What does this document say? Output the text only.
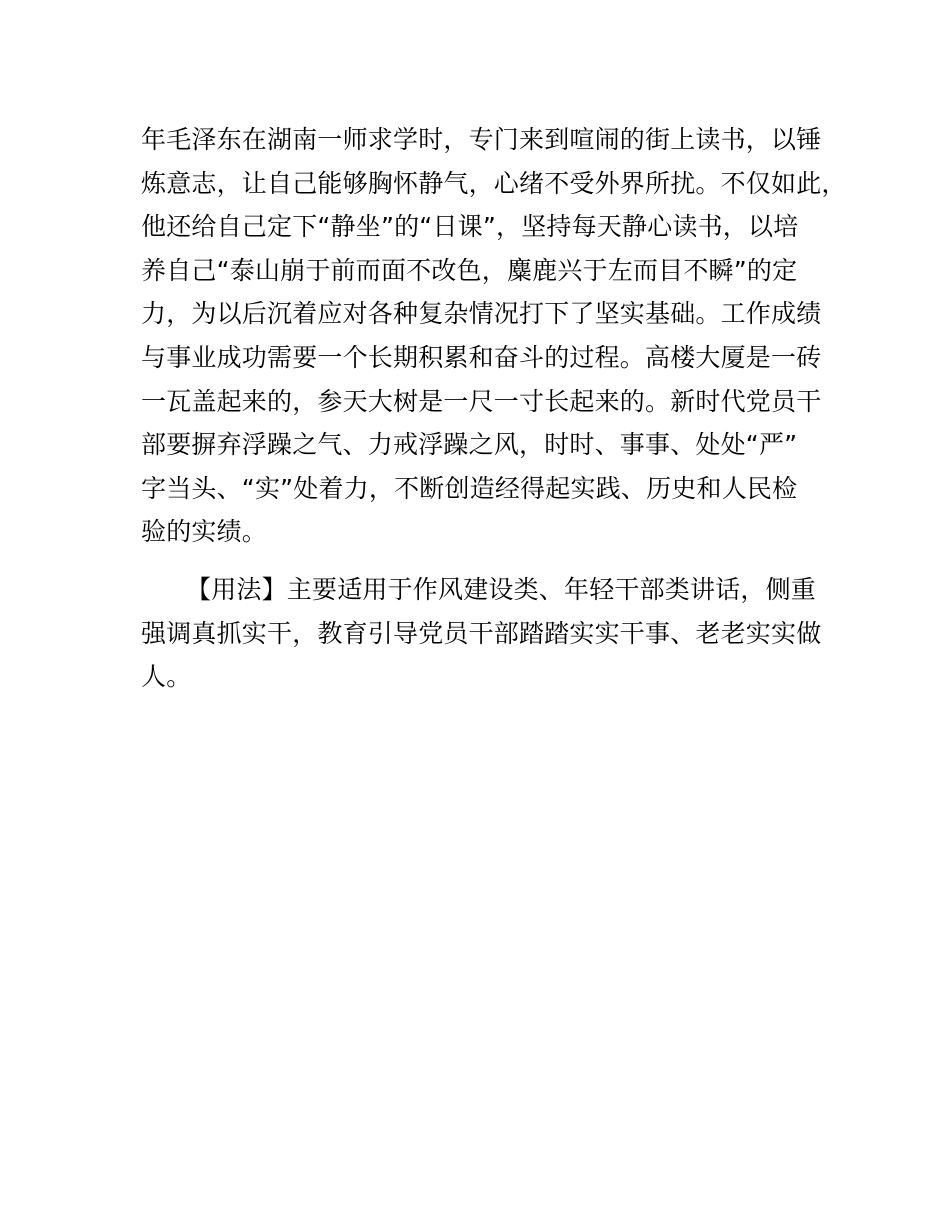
年毛泽东在湖南一师求学时，专门来到喧闹的街上读书，以锤
炼意志，让自己能够胸怀静气，心绪不受外界所扰。不仅如此，
他还给自己定下“静坐”的“日课”，坚持每天静心读书，以培
养自己“泰山崩于前而面不改色，麋鹿兴于左而目不瞬”的定
力，为以后沉着应对各种复杂情况打下了坚实基础。工作成绩
与事业成功需要一个长期积累和奋斗的过程。高楼大厦是一砖
一瓦盖起来的，参天大树是一尺一寸长起来的。新时代党员干
部要摒弃浮躁之气、力戒浮躁之风，时时、事事、处处“严”
字当头、“实”处着力，不断创造经得起实践、历史和人民检
验的实绩。
【用法】主要适用于作风建设类、年轻干部类讲话，侧重
强调真抓实干，教育引导党员干部踏踏实实干事、老老实实做
人。
